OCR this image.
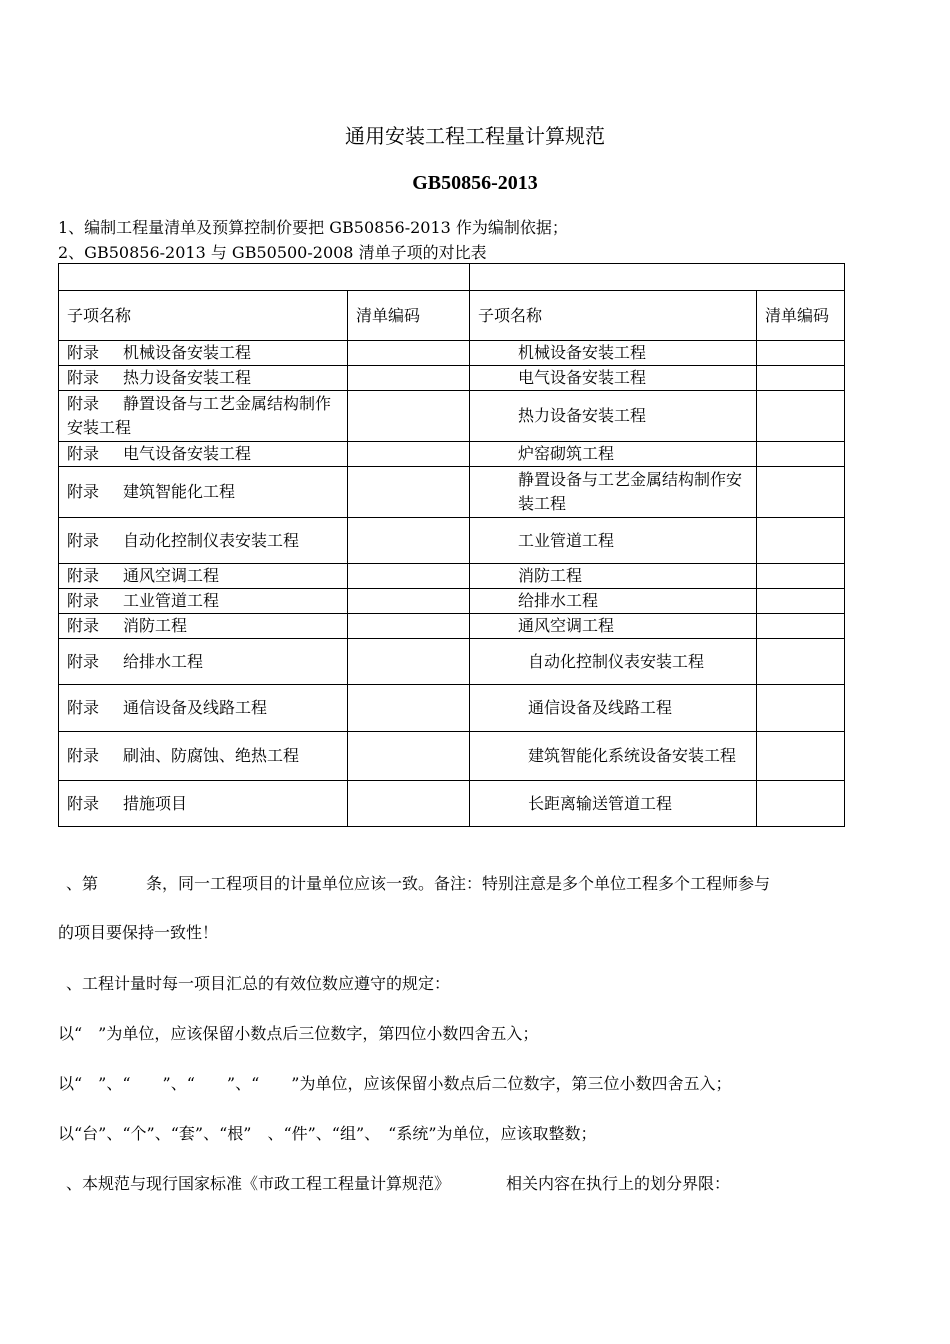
通用安装工程工程量计算规范
GB50856-2013
1、编制工程量清单及预算控制价要把 GB50856-2013 作为编制依据；
2、GB50856-2013 与 GB50500-2008 清单子项的对比表

子项名称	清单编码	子项名称	清单编码
附录 机械设备安装工程		机械设备安装工程	
附录 热力设备安装工程		电气设备安装工程	
附录 静置设备与工艺金属结构制作安装工程		热力设备安装工程	
附录 电气设备安装工程		炉窑砌筑工程	
附录 建筑智能化工程		静置设备与工艺金属结构制作安装工程	
附录 自动化控制仪表安装工程		工业管道工程	
附录 通风空调工程		消防工程	
附录 工业管道工程		给排水工程	
附录 消防工程		通风空调工程	
附录 给排水工程		自动化控制仪表安装工程	
附录 通信设备及线路工程		通信设备及线路工程	
附录 刷油、防腐蚀、绝热工程		建筑智能化系统设备安装工程	
附录 措施项目		长距离输送管道工程	
、第　　　条，同一工程项目的计量单位应该一致。备注：特别注意是多个单位工程多个工程师参与
的项目要保持一致性！
、工程计量时每一项目汇总的有效位数应遵守的规定：
以“　”为单位，应该保留小数点后三位数字，第四位小数四舍五入；
以“　”、“　　”、“　　”、“　　”为单位，应该保留小数点后二位数字，第三位小数四舍五入；
以“台”、“个”、“套”、“根”　、“件”、“组”、　“系统”为单位，应该取整数；
、本规范与现行国家标准《市政工程工程量计算规范》　　　　相关内容在执行上的划分界限：
